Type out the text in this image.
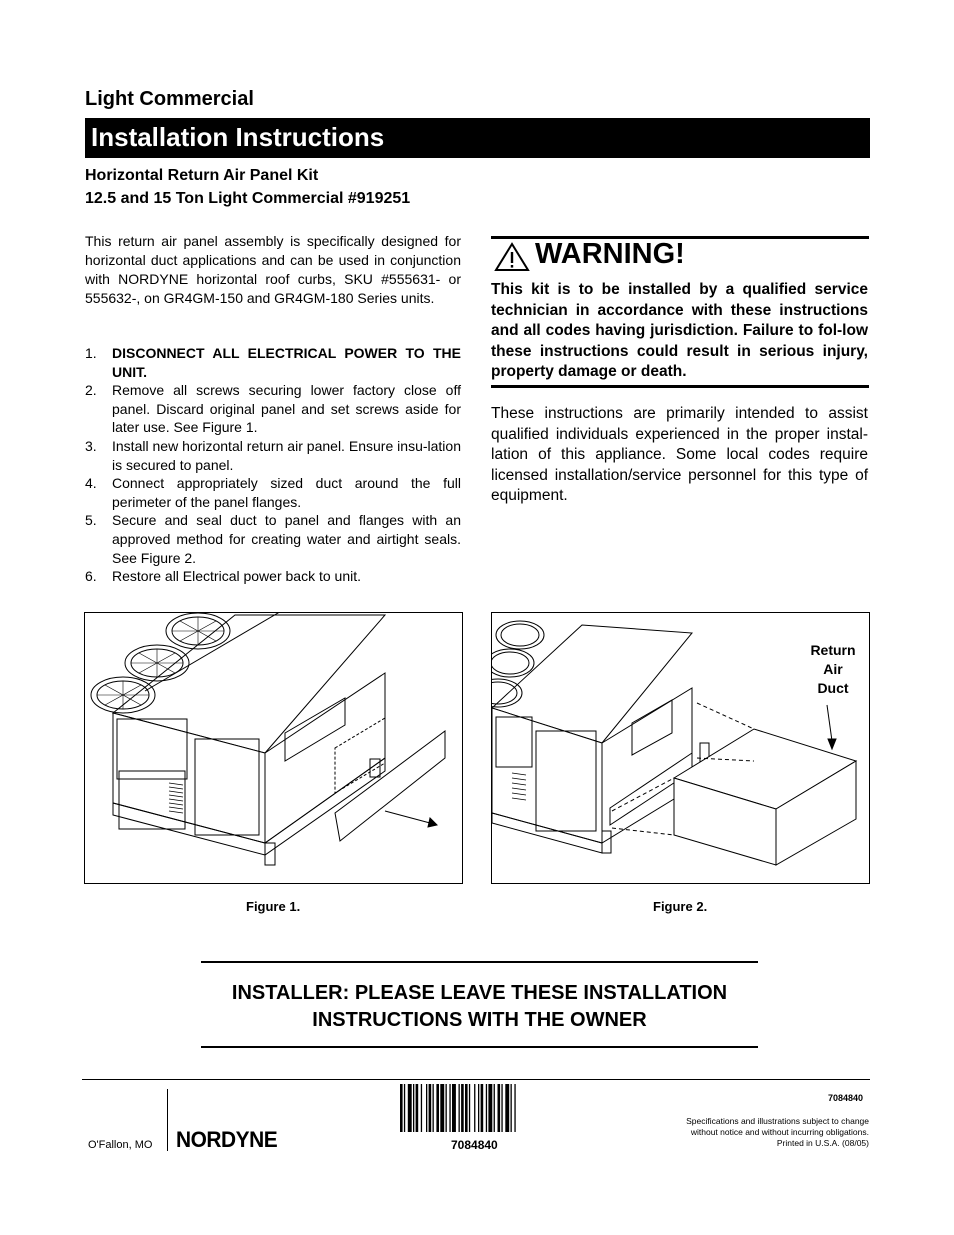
Light Commercial
Installation Instructions
Horizontal Return Air Panel Kit
12.5 and 15 Ton Light Commercial #919251
This return air panel assembly is specifically designed for horizontal duct applications and can be used in conjunction with NORDYNE horizontal roof curbs, SKU #555631- or 555632-, on GR4GM-150 and GR4GM-180 Series units.
1. DISCONNECT ALL ELECTRICAL POWER TO THE UNIT.
2. Remove all screws securing lower factory close off panel. Discard original panel and set screws aside for later use. See Figure 1.
3. Install new horizontal return air panel. Ensure insu-lation is secured to panel.
4. Connect appropriately sized duct around the full perimeter of the panel flanges.
5. Secure and seal duct to panel and flanges with an approved method for creating water and airtight seals. See Figure 2.
6. Restore all Electrical power back to unit.
WARNING!
This kit is to be installed by a qualified service technician in accordance with these instructions and all codes having jurisdiction. Failure to fol-low these instructions could result in serious injury, property damage or death.
These instructions are primarily intended to assist qualified individuals experienced in the proper instal-lation of this appliance. Some local codes require licensed installation/service personnel for this type of equipment.
Return
Air
Duct
Figure 1.	Figure 2.
INSTALLER: PLEASE LEAVE THESE INSTALLATION
INSTRUCTIONS WITH THE OWNER
O'Fallon, MO NORDYNE	7084840
7084840
Specifications and illustrations subject to change
without notice and without incurring obligations.
Printed in U.S.A. (08/05)
